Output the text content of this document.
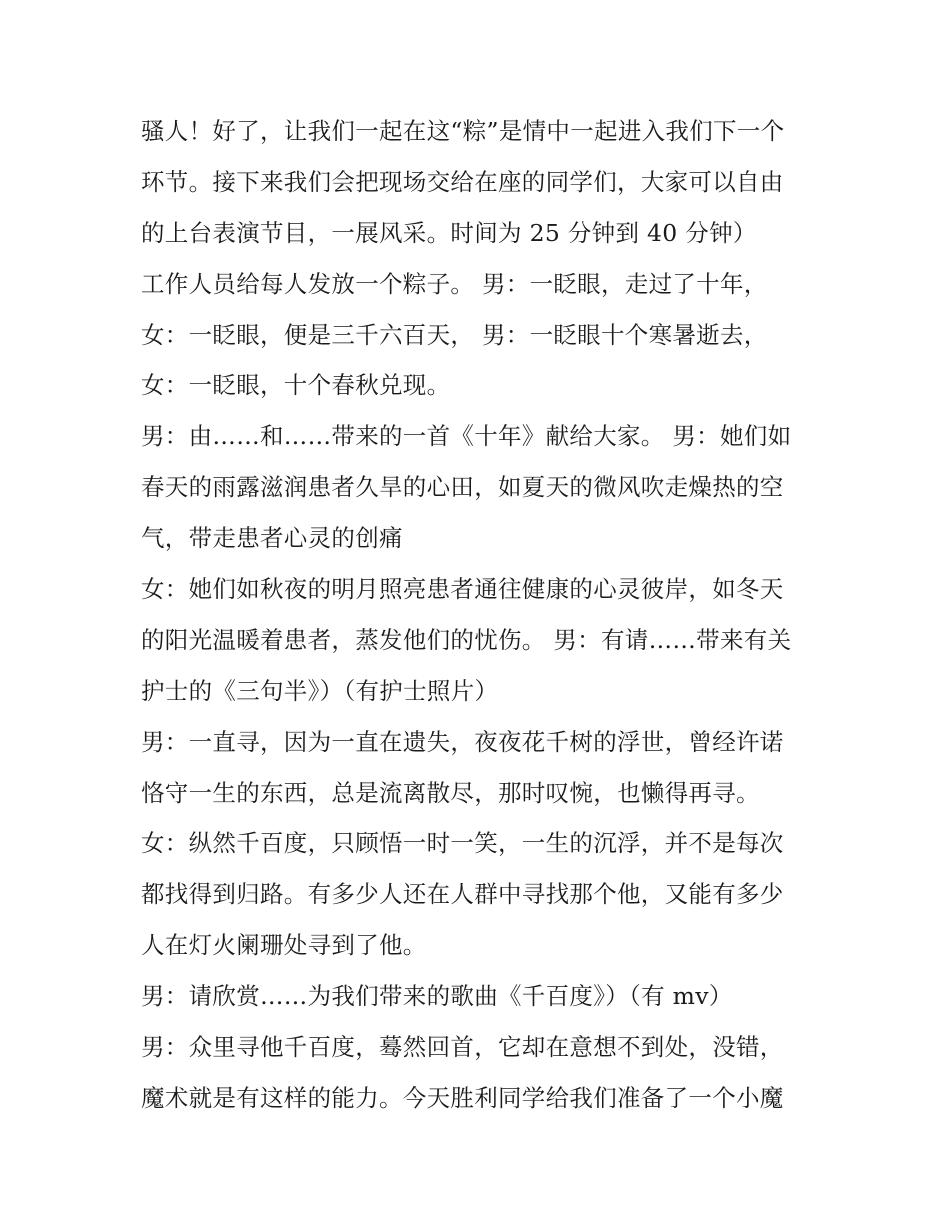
骚人！好了，让我们一起在这“粽”是情中一起进入我们下一个
环节。接下来我们会把现场交给在座的同学们，大家可以自由
的上台表演节目，一展风采。时间为 25 分钟到 40 分钟）
工作人员给每人发放一个粽子。 男：一眨眼，走过了十年，
女：一眨眼，便是三千六百天， 男：一眨眼十个寒暑逝去，
女：一眨眼，十个春秋兑现。
男：由……和……带来的一首《十年》献给大家。 男：她们如
春天的雨露滋润患者久旱的心田，如夏天的微风吹走燥热的空
气，带走患者心灵的创痛
女：她们如秋夜的明月照亮患者通往健康的心灵彼岸，如冬天
的阳光温暖着患者，蒸发他们的忧伤。 男：有请……带来有关
护士的《三句半》）（有护士照片）
男：一直寻，因为一直在遗失，夜夜花千树的浮世，曾经许诺
恪守一生的东西，总是流离散尽，那时叹惋，也懒得再寻。
女：纵然千百度，只顾悟一时一笑，一生的沉浮，并不是每次
都找得到归路。有多少人还在人群中寻找那个他，又能有多少
人在灯火阑珊处寻到了他。
男：请欣赏……为我们带来的歌曲《千百度》）（有 mv）
男：众里寻他千百度，蓦然回首，它却在意想不到处，没错，
魔术就是有这样的能力。今天胜利同学给我们准备了一个小魔
